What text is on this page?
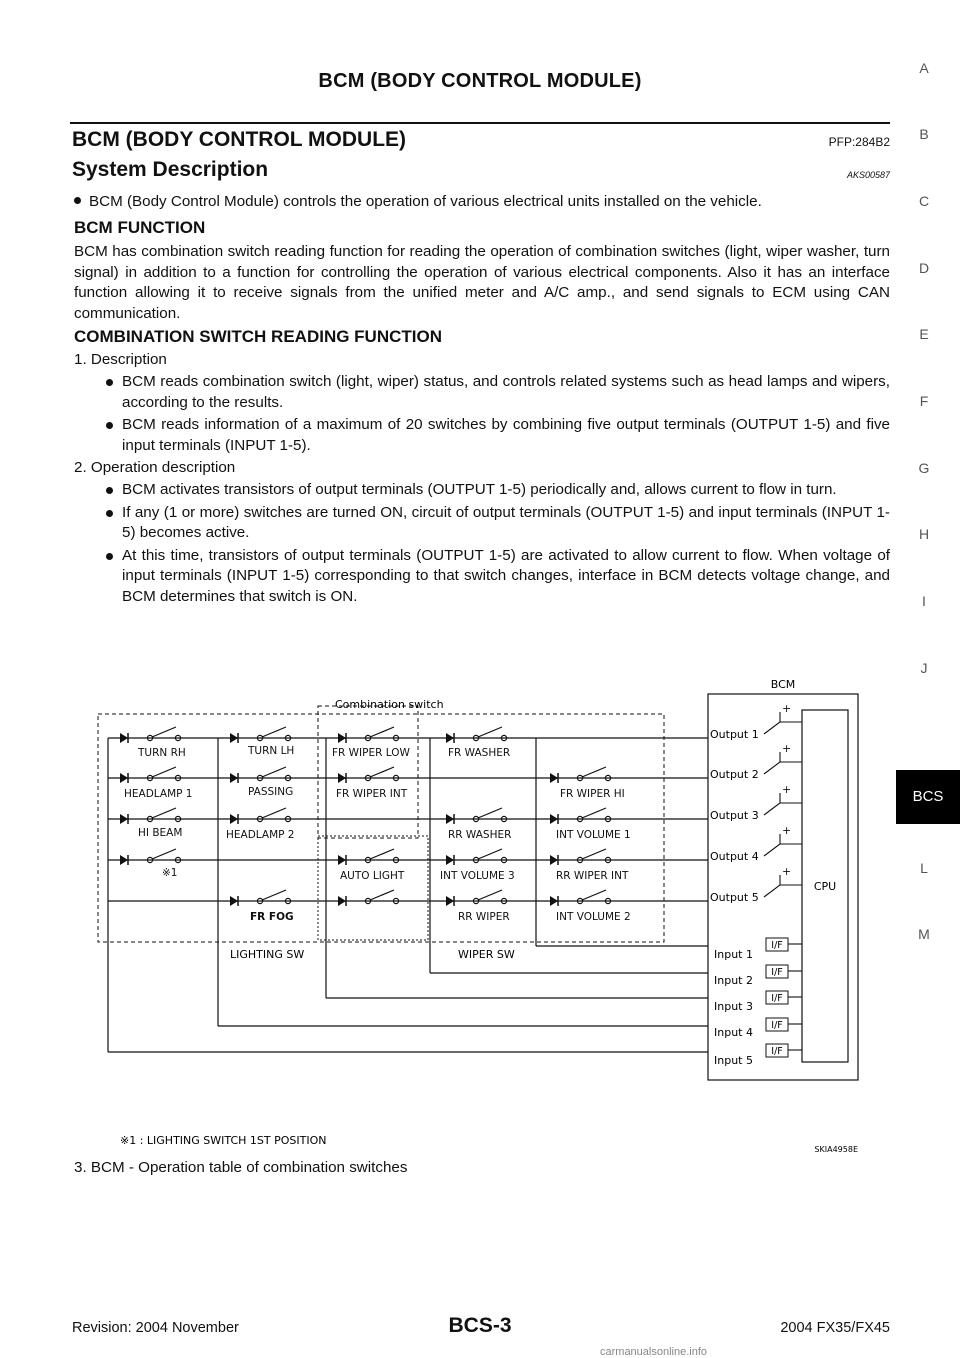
BCM (BODY CONTROL MODULE)
BCM (BODY CONTROL MODULE)	PFP:284B2
System Description	AKS00587
BCM (Body Control Module) controls the operation of various electrical units installed on the vehicle.
BCM FUNCTION
BCM has combination switch reading function for reading the operation of combination switches (light, wiper washer, turn signal) in addition to a function for controlling the operation of various electrical components. Also it has an interface function allowing it to receive signals from the unified meter and A/C amp., and send signals to ECM using CAN communication.
COMBINATION SWITCH READING FUNCTION
1. Description
BCM reads combination switch (light, wiper) status, and controls related systems such as head lamps and wipers, according to the results.
BCM reads information of a maximum of 20 switches by combining five output terminals (OUTPUT 1-5) and five input terminals (INPUT 1-5).
2. Operation description
BCM activates transistors of output terminals (OUTPUT 1-5) periodically and, allows current to flow in turn.
If any (1 or more) switches are turned ON, circuit of output terminals (OUTPUT 1-5) and input terminals (INPUT 1-5) becomes active.
At this time, transistors of output terminals (OUTPUT 1-5) are activated to allow current to flow. When voltage of input terminals (INPUT 1-5) corresponding to that switch changes, interface in BCM detects voltage change, and BCM determines that switch is ON.
BCM
CPU
Combination switch
TURN RH	TURN LH	FR WIPER LOW	FR WASHER
HEADLAMP 1	PASSING	FR WIPER INT	FR WIPER HI
HI BEAM	HEADLAMP 2	RR WASHER	INT VOLUME 1
※1	AUTO LIGHT	INT VOLUME 3	RR WIPER INT
FR FOG	RR WIPER	INT VOLUME 2
LIGHTING SW	WIPER SW
Output 1
Output 2
Output 3
Output 4
Output 5
+
+
+
+
+
Input 1
Input 2
Input 3
Input 4
Input 5
I/F
I/F
I/F
I/F
I/F
※1 : LIGHTING SWITCH 1ST POSITION
SKIA4958E
3. BCM - Operation table of combination switches
A
B
C
D
E
F
G
H
I
J
L
M
BCS
Revision: 2004 November	BCS-3	2004 FX35/FX45
carmanualsonline.info
